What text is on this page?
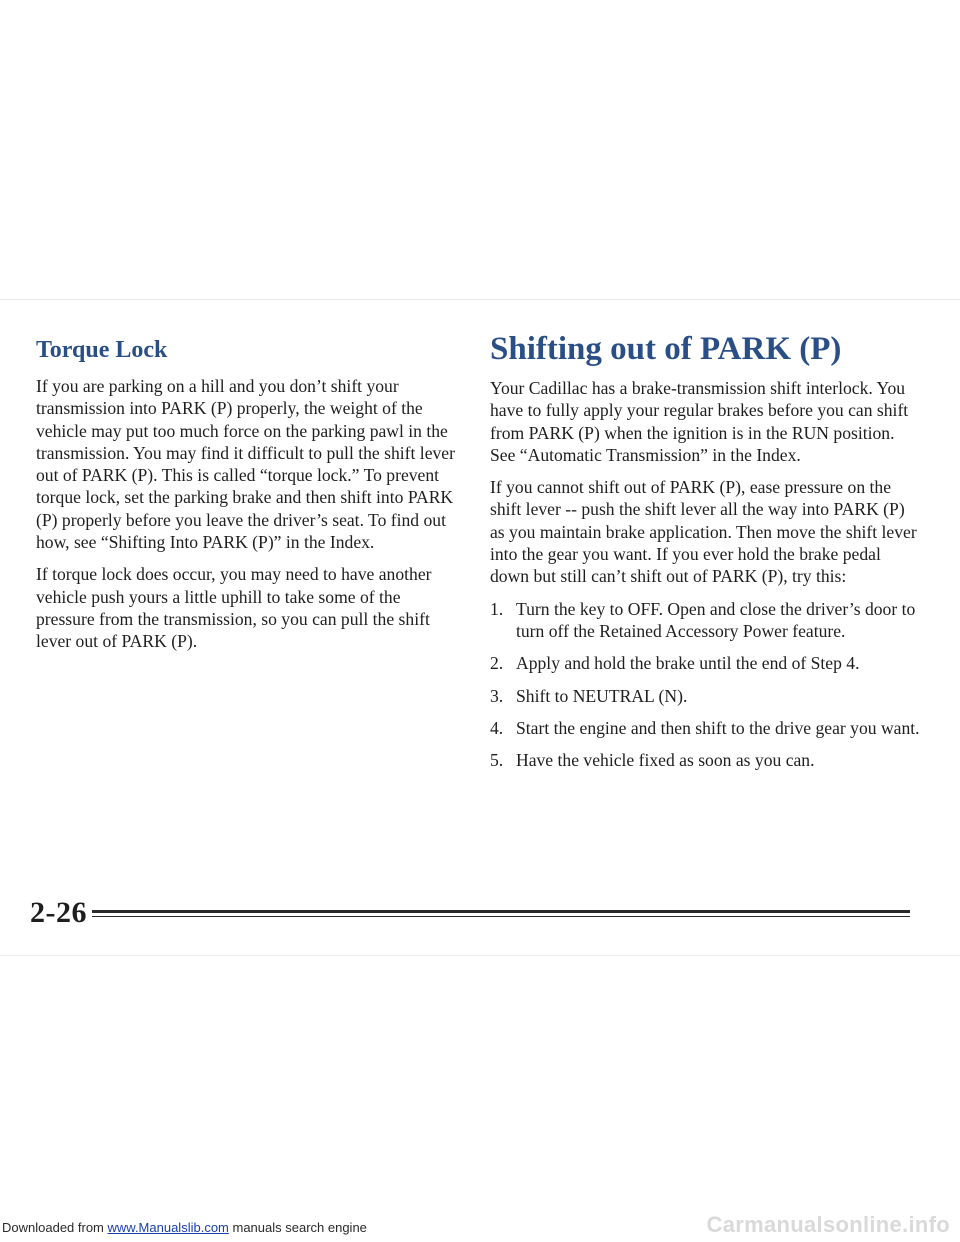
Torque Lock

If you are parking on a hill and you don’t shift your transmission into PARK (P) properly, the weight of the vehicle may put too much force on the parking pawl in the transmission. You may find it difficult to pull the shift lever out of PARK (P). This is called “torque lock.” To prevent torque lock, set the parking brake and then shift into PARK (P) properly before you leave the driver’s seat. To find out how, see “Shifting Into PARK (P)” in the Index.

If torque lock does occur, you may need to have another vehicle push yours a little uphill to take some of the pressure from the transmission, so you can pull the shift lever out of PARK (P).

Shifting out of PARK (P)

Your Cadillac has a brake-transmission shift interlock. You have to fully apply your regular brakes before you can shift from PARK (P) when the ignition is in the RUN position. See “Automatic Transmission” in the Index.

If you cannot shift out of PARK (P), ease pressure on the shift lever -- push the shift lever all the way into PARK (P) as you maintain brake application. Then move the shift lever into the gear you want. If you ever hold the brake pedal down but still can’t shift out of PARK (P), try this:

1. Turn the key to OFF. Open and close the driver’s door to turn off the Retained Accessory Power feature.
2. Apply and hold the brake until the end of Step 4.
3. Shift to NEUTRAL (N).
4. Start the engine and then shift to the drive gear you want.
5. Have the vehicle fixed as soon as you can.
2-26
Downloaded from www.Manualslib.com manuals search engine	Carmanualsonline.info
